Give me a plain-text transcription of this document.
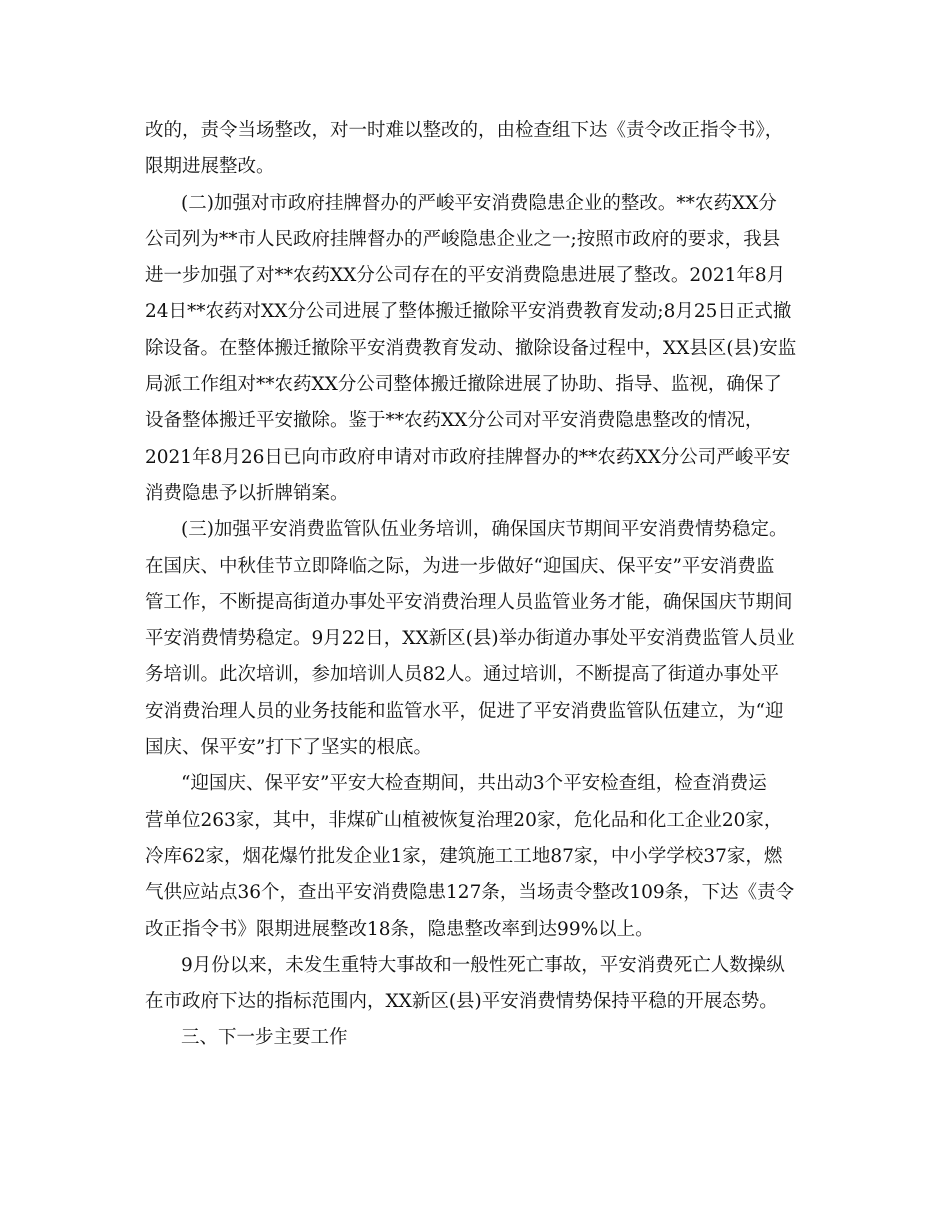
改的，责令当场整改，对一时难以整改的，由检查组下达《责令改正指令书》，
限期进展整改。
(二)加强对市政府挂牌督办的严峻平安消费隐患企业的整改。**农药XX分
公司列为**市人民政府挂牌督办的严峻隐患企业之一;按照市政府的要求，我县
进一步加强了对**农药XX分公司存在的平安消费隐患进展了整改。2021年8月
24日**农药对XX分公司进展了整体搬迁撤除平安消费教育发动;8月25日正式撤
除设备。在整体搬迁撤除平安消费教育发动、撤除设备过程中，XX县区(县)安监
局派工作组对**农药XX分公司整体搬迁撤除进展了协助、指导、监视，确保了
设备整体搬迁平安撤除。鉴于**农药XX分公司对平安消费隐患整改的情况，
2021年8月26日已向市政府申请对市政府挂牌督办的**农药XX分公司严峻平安
消费隐患予以折牌销案。
(三)加强平安消费监管队伍业务培训，确保国庆节期间平安消费情势稳定。
在国庆、中秋佳节立即降临之际，为进一步做好“迎国庆、保平安”平安消费监
管工作，不断提高街道办事处平安消费治理人员监管业务才能，确保国庆节期间
平安消费情势稳定。9月22日，XX新区(县)举办街道办事处平安消费监管人员业
务培训。此次培训，参加培训人员82人。通过培训，不断提高了街道办事处平
安消费治理人员的业务技能和监管水平，促进了平安消费监管队伍建立，为“迎
国庆、保平安”打下了坚实的根底。
“迎国庆、保平安”平安大检查期间，共出动3个平安检查组，检查消费运
营单位263家，其中，非煤矿山植被恢复治理20家，危化品和化工企业20家，
冷库62家，烟花爆竹批发企业1家，建筑施工工地87家，中小学学校37家，燃
气供应站点36个，查出平安消费隐患127条，当场责令整改109条，下达《责令
改正指令书》限期进展整改18条，隐患整改率到达99%以上。
9月份以来，未发生重特大事故和一般性死亡事故，平安消费死亡人数操纵
在市政府下达的指标范围内，XX新区(县)平安消费情势保持平稳的开展态势。
三、下一步主要工作
